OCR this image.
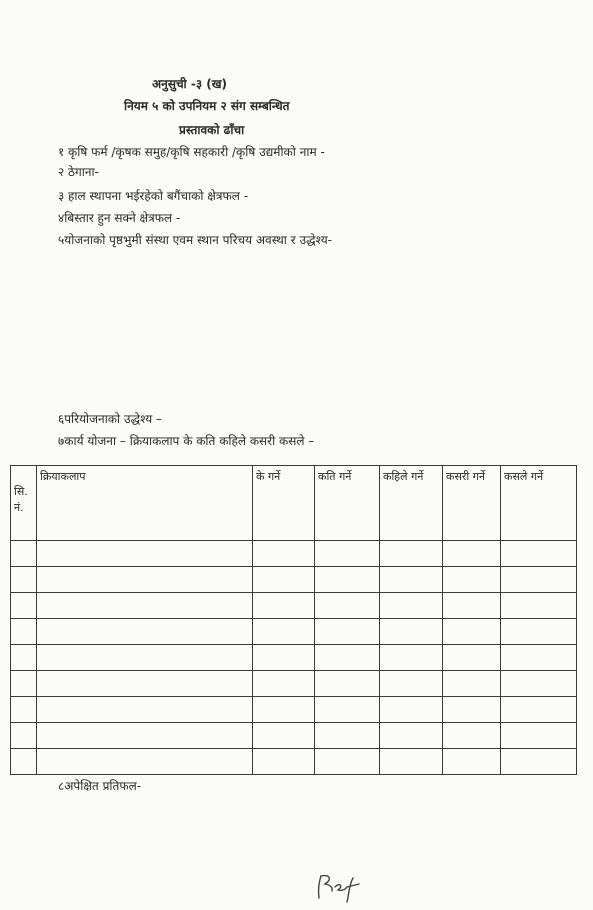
अनुसुची -३ (ख)
नियम ५ को उपनियम २ संग सम्बन्धित
प्रस्तावको ढाँचा
१ कृषि फर्म /कृषक समुह/कृषि सहकारी /कृषि उद्यमीको नाम -
२ ठेगाना-
३ हाल स्थापना भईरहेको बगैंचाको क्षेत्रफल -
४बिस्तार हुन सक्ने क्षेत्रफल -
५योजनाको पृष्ठभुमी संस्था एवम स्थान परिचय अवस्था र उद्धेश्य-
६परियोजनाको उद्धेश्य –
७कार्य योजना – क्रियाकलाप के कति कहिले कसरी कसले –
सि. नं.	क्रियाकलाप	के गर्ने	कति गर्ने	कहिले गर्ने	कसरी गर्ने	कसले गर्ने

८अपेक्षित प्रतिफल-
